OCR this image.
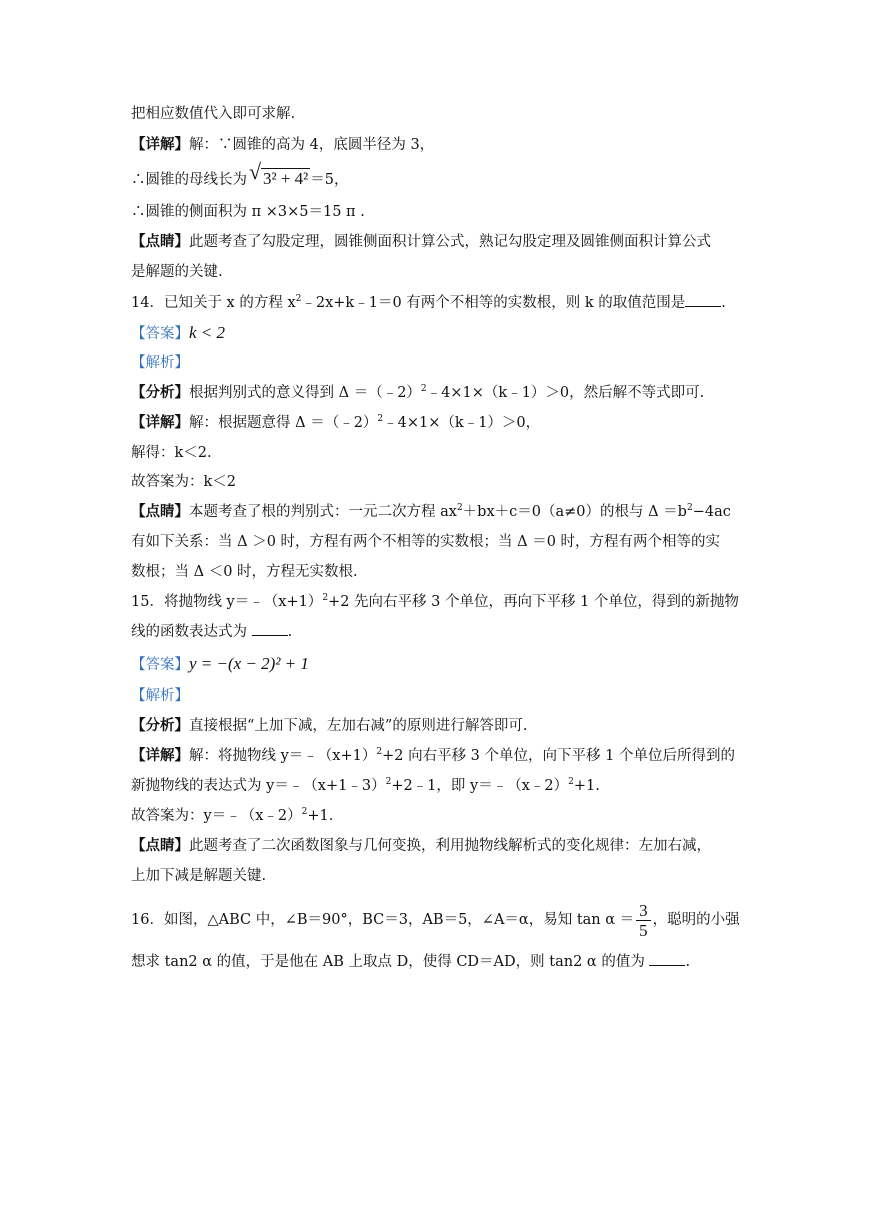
把相应数值代入即可求解.
【详解】解：∵圆锥的高为 4，底圆半径为 3，
∴圆锥的母线长为 √ 3² + 4² ＝5，
∴圆锥的侧面积为 π ×3×5＝15 π .
【点睛】此题考查了勾股定理，圆锥侧面积计算公式，熟记勾股定理及圆锥侧面积计算公式
是解题的关键.
14．已知关于 x 的方程 $x^2﹣2x+k﹣1=0$ 有两个不相等的实数根，则 k 的取值范围是 .
【答案】k < 2
【解析】
【分析】根据判别式的意义得到 Δ ＝（﹣2）$^2$﹣4×1×（k﹣1）＞0，然后解不等式即可.
【详解】解：根据题意得 Δ ＝（﹣2）$^2$﹣4×1×（k﹣1）＞0，
解得：k＜2.
故答案为：k＜2
【点睛】本题考查了根的判别式：一元二次方程 $ax^2+bx+c=0(a\ne 0)$的根与 $\Delta =b^2-4ac$
有如下关系：当 Δ ＞0 时，方程有两个不相等的实数根；当 Δ ＝0 时，方程有两个相等的实
数根；当 Δ ＜0 时，方程无实数根.
15．将抛物线 $y=﹣(x+1)^2+2$ 先向右平移 3 个单位，再向下平移 1 个单位，得到的新抛物
线的函数表达式为	.
【答案】y = −(x − 2)² + 1
【解析】
【分析】直接根据“上加下减，左加右减”的原则进行解答即可.
【详解】解：将抛物线 $y=﹣(x+1)^2+2$ 向右平移 3 个单位，向下平移 1 个单位后所得到的
新抛物线的表达式为 y＝﹣（x+1﹣3）$^2$+2﹣1，即 y＝﹣（x﹣2）$^2$+1.
故答案为：y＝﹣（x﹣2）$^2$+1.
【点睛】此题考查了二次函数图象与几何变换，利用抛物线解析式的变化规律：左加右减，
上加下减是解题关键.
16．如图，△ABC 中，∠B＝90°，BC＝3，AB＝5，∠A＝α，易知 $\tan \alpha = \frac{3}{5}$ ，聪明的小强
想求 tan2 α 的值，于是他在 AB 上取点 D，使得 CD＝AD，则 tan2 α 的值为	.
